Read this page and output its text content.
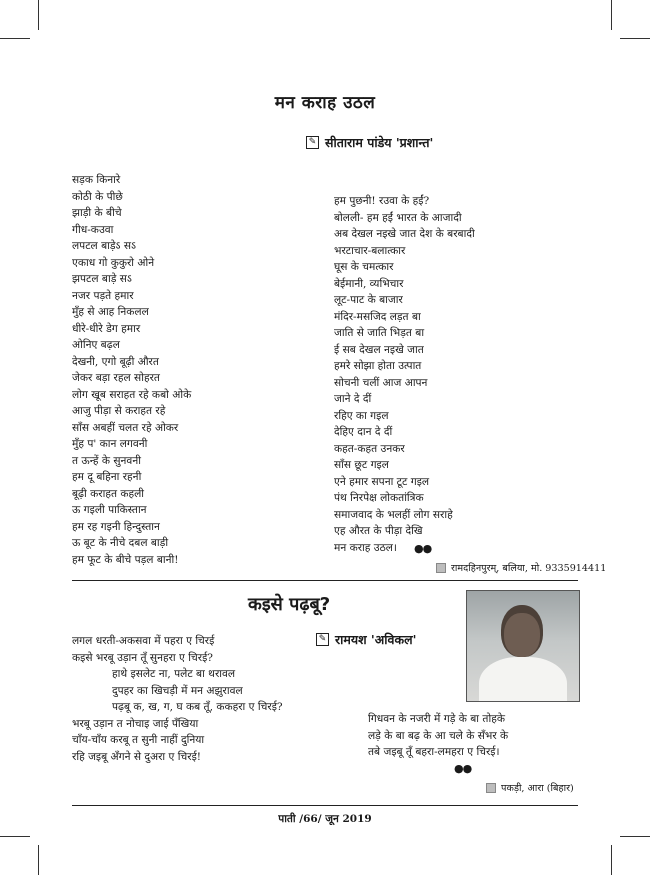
मन कराह उठल
✎ सीताराम पांडेय 'प्रशान्त'
सड़क किनारे
कोठी के पीछे
झाड़ी के बीचे
गीध-कउवा
लपटल बाड़ेऽ सऽ
एकाध गो कुकुरो ओने
झपटल बाड़े सऽ
नजर पड़ते हमार
मुँह से आह निकलल
धीरे-धीरे डेग हमार
ओनिए बढ़ल
देखनी, एगो बूढ़ी औरत
जेकर बड़ा रहल सोहरत
लोग खूब सराहत रहे कबो ओके
आजु पीड़ा से कराहत रहे
साँस अबहीं चलत रहे ओकर
मुँह प' कान लगवनी
त ऊन्हें के सुनवनी
हम दू बहिना रहनी
बूढ़ी कराहत कहली
ऊ गइली पाकिस्तान
हम रह गइनी हिन्दुस्तान
ऊ बूट के नीचे दबल बाड़ी
हम फूट के बीचे पड़ल बानी!
हम पुछनी! रउवा के हईं?
बोलली- हम हईं भारत के आजादी
अब देखल नइखे जात देश के बरबादी
भरटाचार-बलात्कार
घूस के चमत्कार
बेईमानी, व्यभिचार
लूट-पाट के बाजार
मंदिर-मसजिद लड़त बा
जाति से जाति भिड़त बा
ई सब देखल नइखे जात
हमरे सोझा होता उत्पात
सोचनी चलीं आज आपन
जाने दे दीं
रहिए का गइल
देहिए दान दे दीं
कहत-कहत उनकर
साँस छूट गइल
एने हमार सपना टूट गइल
पंथ निरपेक्ष लोकतांत्रिक
समाजवाद के भलहीं लोग सराहे
एह औरत के पीड़ा देखि
मन कराह उठल।	●●
रामदहिनपुरम्, बलिया, मो. 9335914411
कइसे पढ़बू?
✎ रामयश 'अविकल'
लगल धरती-अकसवा में पहरा ए चिरई
कइसे भरबू उड़ान तूँ सुनहरा ए चिरई?
हाथे इसलेट ना, पलेट बा थरावल
दुपहर का खिचड़ी में मन अझुरावल
पढ़बू क, ख, ग, घ कब तूँ, ककहरा ए चिरई?
भरबू उड़ान त नोचाइ जाई पँखिया
चाँय-चाँय करबू त सुनी नाहीं दुनिया
रहि जइबू अँगने से दुअरा ए चिरई!
गिधवन के नजरी में गड़े के बा तोहके
लड़े के बा बढ़ के आ चले के सँभर के
तबे जइबू तूँ बहरा-लमहरा ए चिरई।
●●
पकड़ी, आरा (बिहार)
पाती /66/ जून 2019
